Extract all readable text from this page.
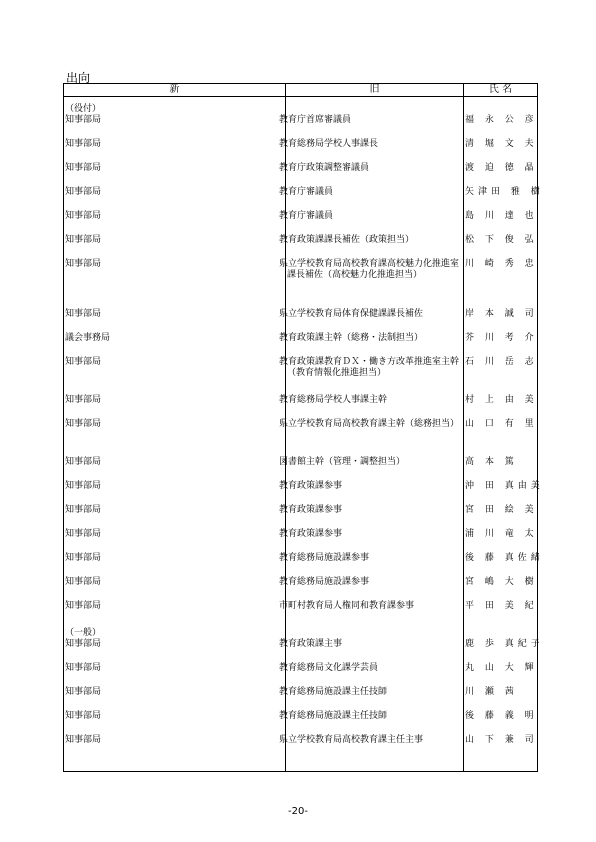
出向
新	旧	氏 名
（役付）		
知事部局	教育庁首席審議員	福 永 公 彦
知事部局	教育総務局学校人事課長	清 堀 文 夫
知事部局	教育庁政策調整審議員	渡 迫 徳 晶
知事部局	教育庁審議員	矢津田 雅 樹
知事部局	教育庁審議員	島 川 達 也
知事部局	教育政策課課長補佐（政策担当）	松 下 俊 弘
知事部局	県立学校教育局高校教育課高校魅力化推進室課長補佐（高校魅力化推進担当）	川 崎 秀 忠
知事部局	県立学校教育局体育保健課課長補佐	岸 本 誠 司
議会事務局	教育政策課主幹（総務・法制担当）	芥 川 考 介
知事部局	教育政策課教育ＤＸ・働き方改革推進室主幹（教育情報化推進担当）	石 川 岳 志
知事部局	教育総務局学校人事課主幹	村 上 由 美
知事部局	県立学校教育局高校教育課主幹（総務担当）	山 口 有 里
知事部局	図書館主幹（管理・調整担当）	高 本 篤
知事部局	教育政策課参事	沖 田 真由美
知事部局	教育政策課参事	宮 田 絵 美
知事部局	教育政策課参事	浦 川 竜 太
知事部局	教育総務局施設課参事	後 藤 真佐緒
知事部局	教育総務局施設課参事	宮 嶋 大 樹
知事部局	市町村教育局人権同和教育課参事	平 田 美 紀
（一般）		
知事部局	教育政策課主事	鹿 歩 真紀子
知事部局	教育総務局文化課学芸員	丸 山 大 輝
知事部局	教育総務局施設課主任技師	川 瀬 茜
知事部局	教育総務局施設課主任技師	後 藤 義 明
知事部局	県立学校教育局高校教育課主任主事	山 下 兼 司
-20-
